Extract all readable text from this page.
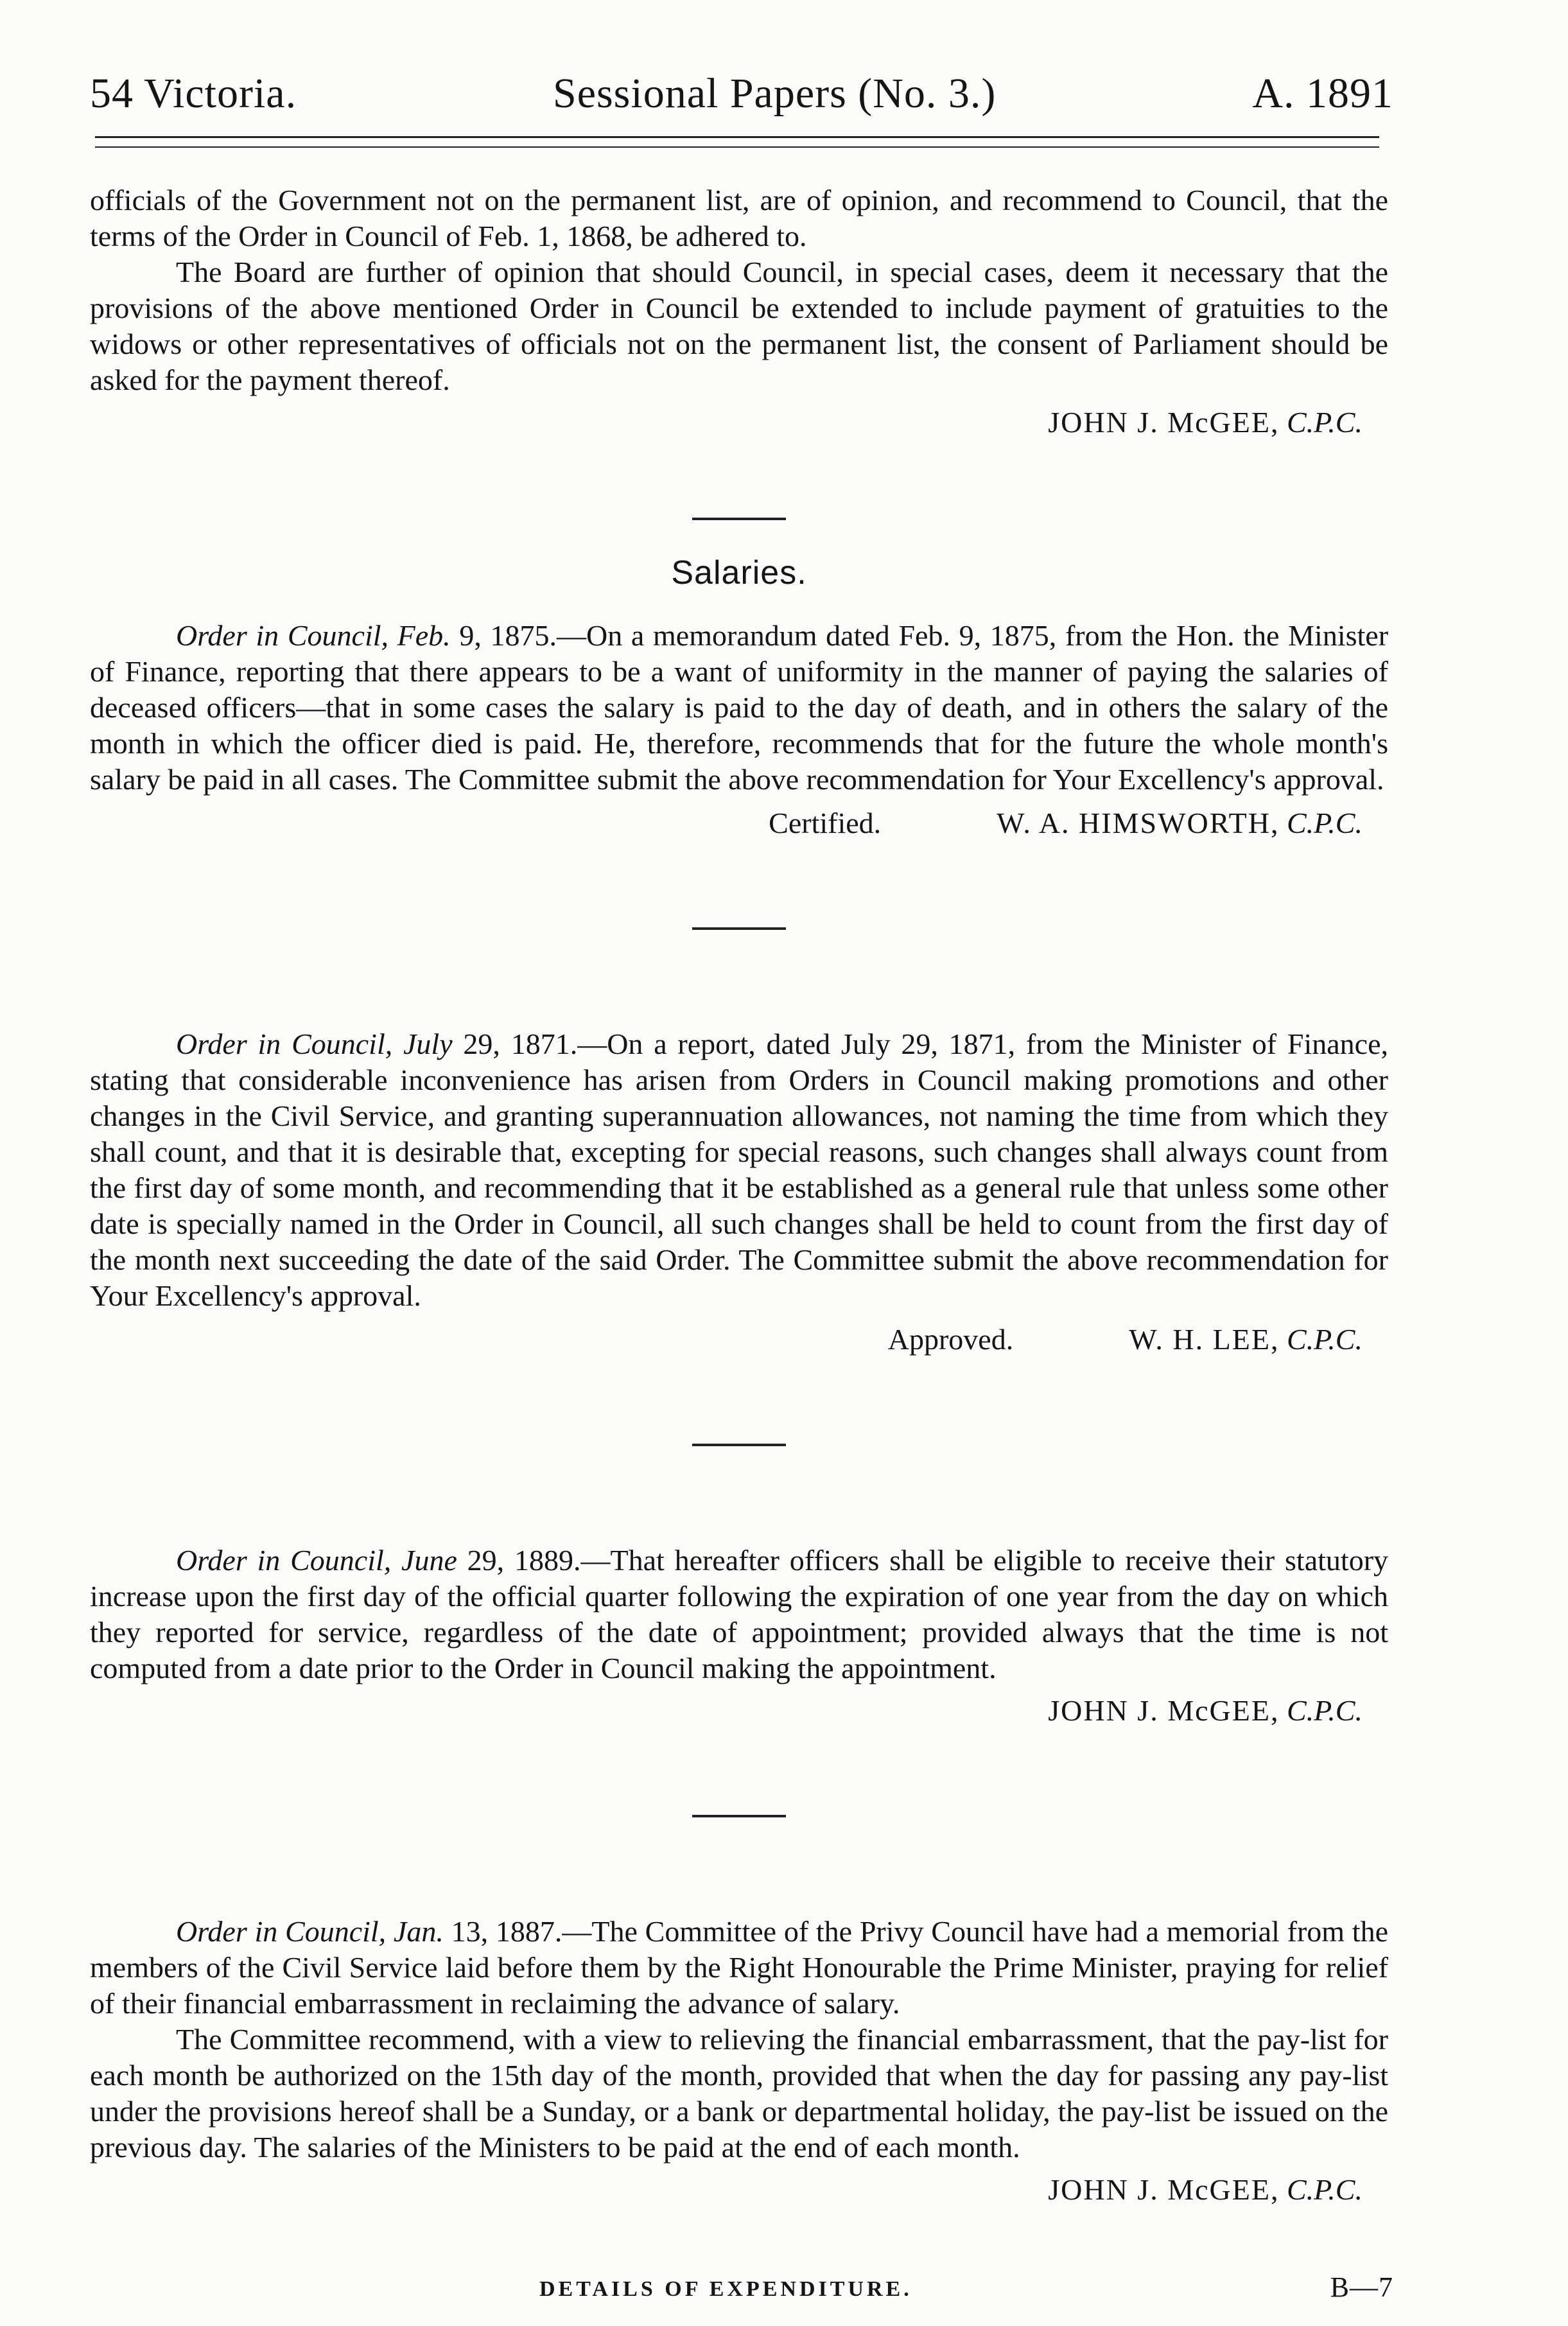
54 Victoria.	Sessional Papers (No. 3.)	A. 1891

officials of the Government not on the permanent list, are of opinion, and recommend to Council, that the terms of the Order in Council of Feb. 1, 1868, be adhered to.

The Board are further of opinion that should Council, in special cases, deem it necessary that the provisions of the above mentioned Order in Council be extended to include payment of gratuities to the widows or other representatives of officials not on the permanent list, the consent of Parliament should be asked for the payment thereof.

JOHN J. McGEE, C.P.C.
Salaries.

Order in Council, Feb. 9, 1875.—On a memorandum dated Feb. 9, 1875, from the Hon. the Minister of Finance, reporting that there appears to be a want of uniformity in the manner of paying the salaries of deceased officers—that in some cases the salary is paid to the day of death, and in others the salary of the month in which the officer died is paid. He, therefore, recommends that for the future the whole month's salary be paid in all cases. The Committee submit the above recommendation for Your Excellency's approval.

Certified.	W. A. HIMSWORTH, C.P.C.

Order in Council, July 29, 1871.—On a report, dated July 29, 1871, from the Minister of Finance, stating that considerable inconvenience has arisen from Orders in Council making promotions and other changes in the Civil Service, and granting superannuation allowances, not naming the time from which they shall count, and that it is desirable that, excepting for special reasons, such changes shall always count from the first day of some month, and recommending that it be established as a general rule that unless some other date is specially named in the Order in Council, all such changes shall be held to count from the first day of the month next succeeding the date of the said Order. The Committee submit the above recommendation for Your Excellency's approval.

Approved.	W. H. LEE, C.P.C.

Order in Council, June 29, 1889.—That hereafter officers shall be eligible to receive their statutory increase upon the first day of the official quarter following the expiration of one year from the day on which they reported for service, regardless of the date of appointment; provided always that the time is not computed from a date prior to the Order in Council making the appointment.

JOHN J. McGEE, C.P.C.

Order in Council, Jan. 13, 1887.—The Committee of the Privy Council have had a memorial from the members of the Civil Service laid before them by the Right Honourable the Prime Minister, praying for relief of their financial embarrassment in reclaiming the advance of salary.

The Committee recommend, with a view to relieving the financial embarrassment, that the pay-list for each month be authorized on the 15th day of the month, provided that when the day for passing any pay-list under the provisions hereof shall be a Sunday, or a bank or departmental holiday, the pay-list be issued on the previous day. The salaries of the Ministers to be paid at the end of each month.

JOHN J. McGEE, C.P.C.
DETAILS OF EXPENDITURE.	B—7
